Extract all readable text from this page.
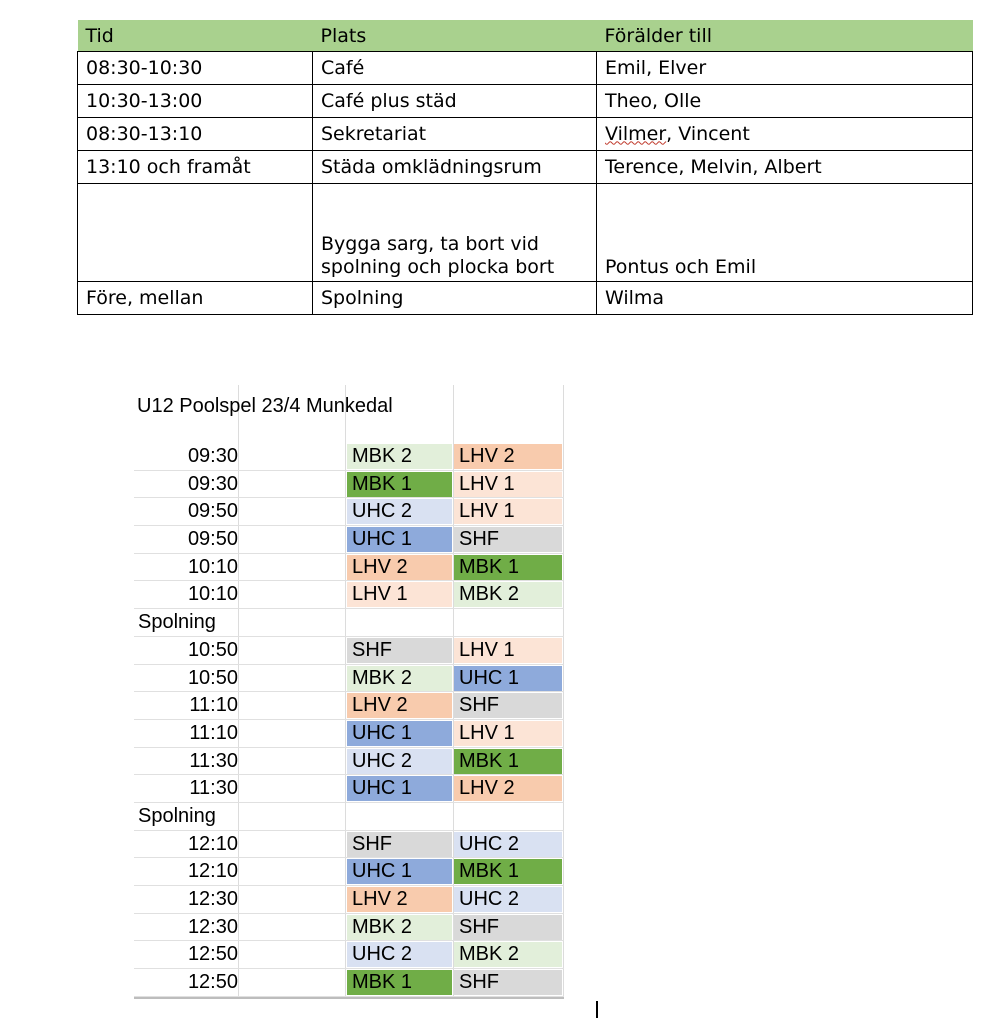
Tid	Plats	Förälder till
08:30-10:30	Café	Emil, Elver
10:30-13:00	Café plus städ	Theo, Olle
08:30-13:10	Sekretariat	Vilmer, Vincent
13:10 och framåt	Städa omklädningsrum	Terence, Melvin, Albert
	Bygga sarg, ta bort vid spolning och plocka bort	Pontus och Emil
Före, mellan	Spolning	Wilma
U12 Poolspel 23/4 Munkedal
09:30	MBK 2	LHV 2
09:30	MBK 1	LHV 1
09:50	UHC 2	LHV 1
09:50	UHC 1	SHF
10:10	LHV 2	MBK 1
10:10	LHV 1	MBK 2
Spolning
10:50	SHF	LHV 1
10:50	MBK 2	UHC 1
11:10	LHV 2	SHF
11:10	UHC 1	LHV 1
11:30	UHC 2	MBK 1
11:30	UHC 1	LHV 2
Spolning
12:10	SHF	UHC 2
12:10	UHC 1	MBK 1
12:30	LHV 2	UHC 2
12:30	MBK 2	SHF
12:50	UHC 2	MBK 2
12:50	MBK 1	SHF
